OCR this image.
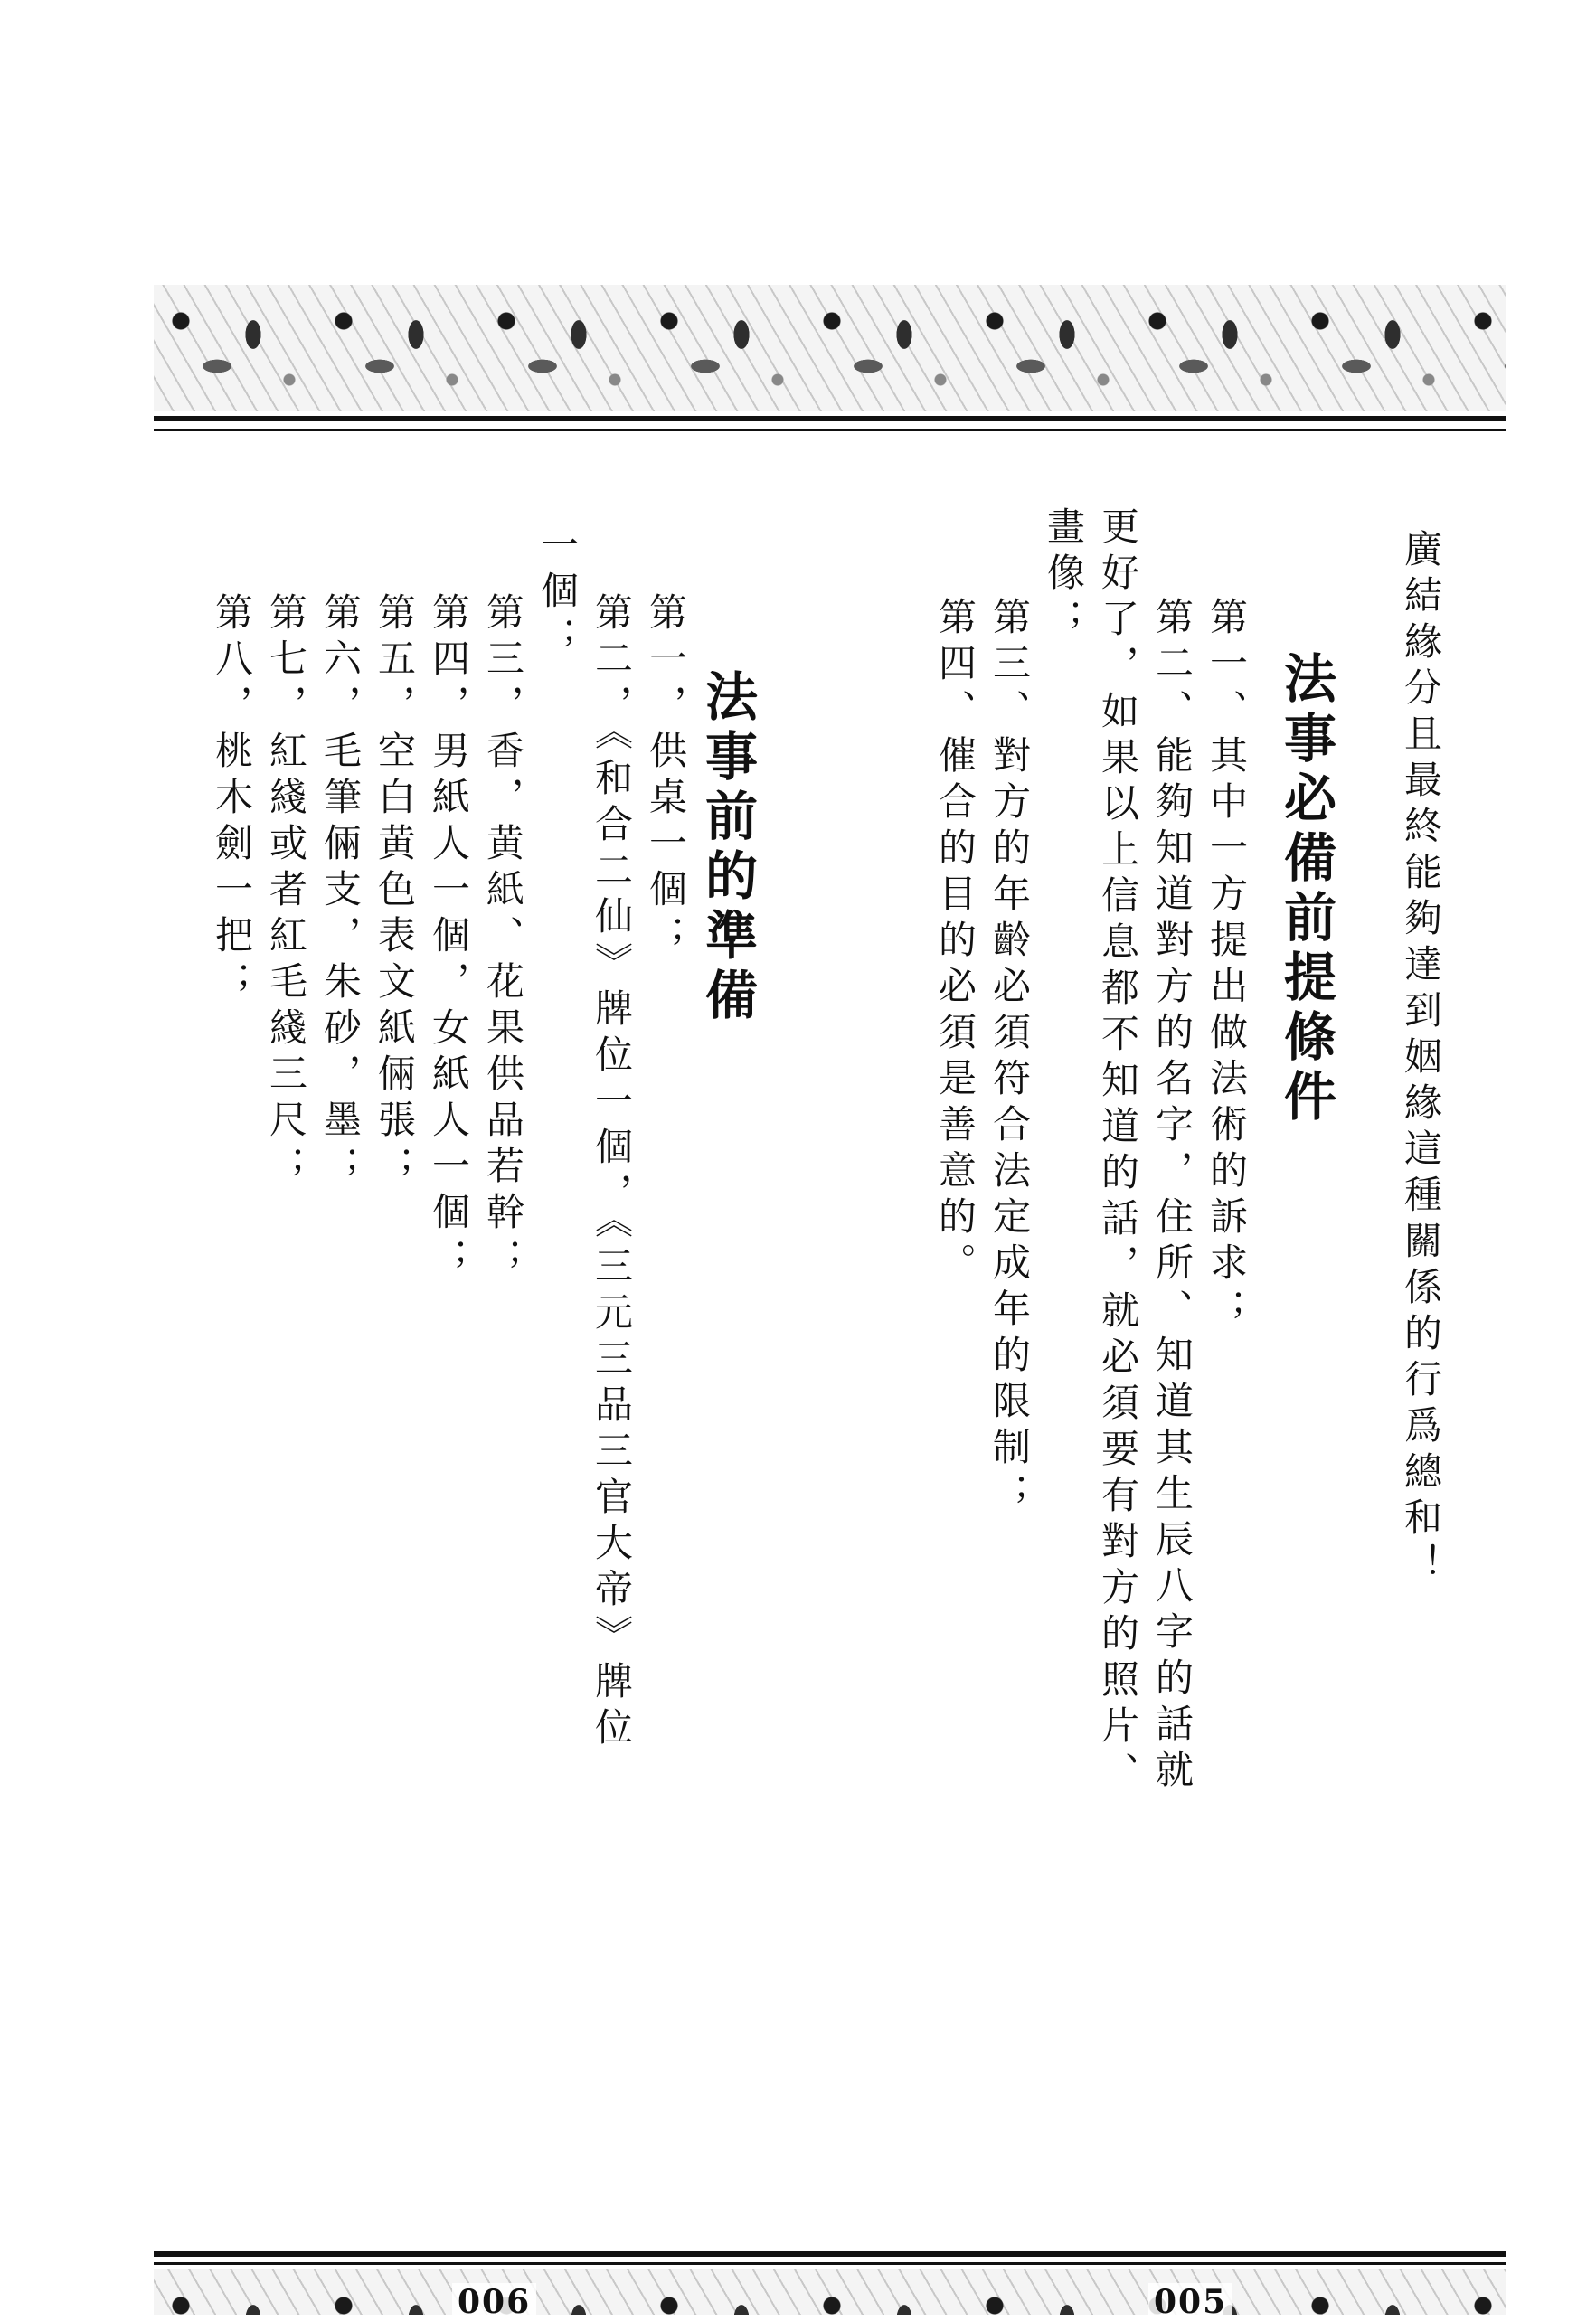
廣結緣分且最終能夠達到姻緣這種關係的行爲總和！
法事必備前提條件
第一、其中一方提出做法術的訴求；
第二、能夠知道對方的名字，住所、知道其生辰八字的話就
更好了，如果以上信息都不知道的話，就必須要有對方的照片、
畫像；
第三、對方的年齡必須符合法定成年的限制；
第四、催合的目的必須是善意的。
法事前的準備
第一，供桌一個；
第二，《和合二仙》牌位一個，《三元三品三官大帝》牌位
一個；
第三，香，黄紙、花果供品若幹；
第四，男紙人一個，女紙人一個；
第五，空白黄色表文紙倆張；
第六，毛筆倆支，朱砂，墨；
第七，紅綫或者紅毛綫三尺；
第八，桃木劍一把；
006	005
